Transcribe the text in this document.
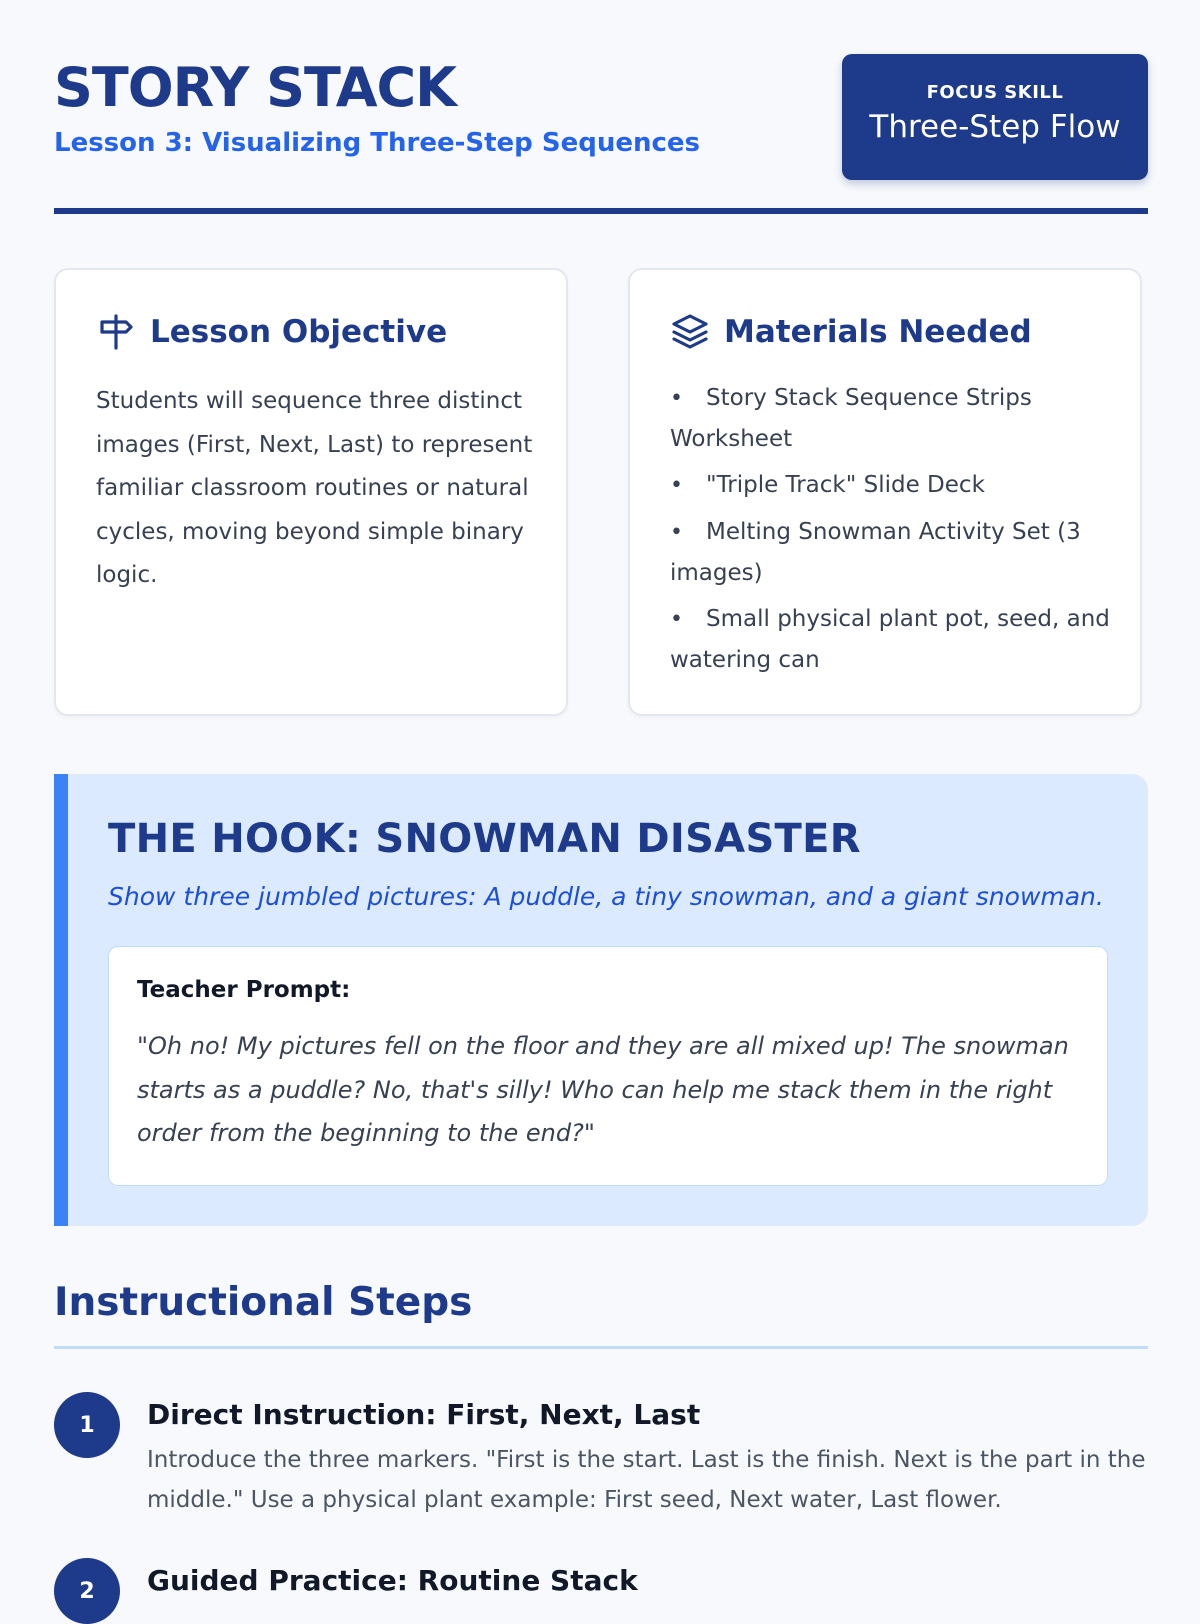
STORY STACK

Lesson 3: Visualizing Three-Step Sequences

FOCUS SKILL
Three-Step Flow
Lesson Objective

Students will sequence three distinct images (First, Next, Last) to represent familiar classroom routines or natural cycles, moving beyond simple binary logic.

Materials Needed
• Story Stack Sequence Strips Worksheet
• "Triple Track" Slide Deck
• Melting Snowman Activity Set (3 images)
• Small physical plant pot, seed, and watering can
THE HOOK: SNOWMAN DISASTER

Show three jumbled pictures: A puddle, a tiny snowman, and a giant snowman.

Teacher Prompt:

"Oh no! My pictures fell on the floor and they are all mixed up! The snowman starts as a puddle? No, that's silly! Who can help me stack them in the right order from the beginning to the end?"

Instructional Steps
1	Direct Instruction: First, Next, Last

Introduce the three markers. "First is the start. Last is the finish. Next is the part in the middle." Use a physical plant example: First seed, Next water, Last flower.

2	Guided Practice: Routine Stack
